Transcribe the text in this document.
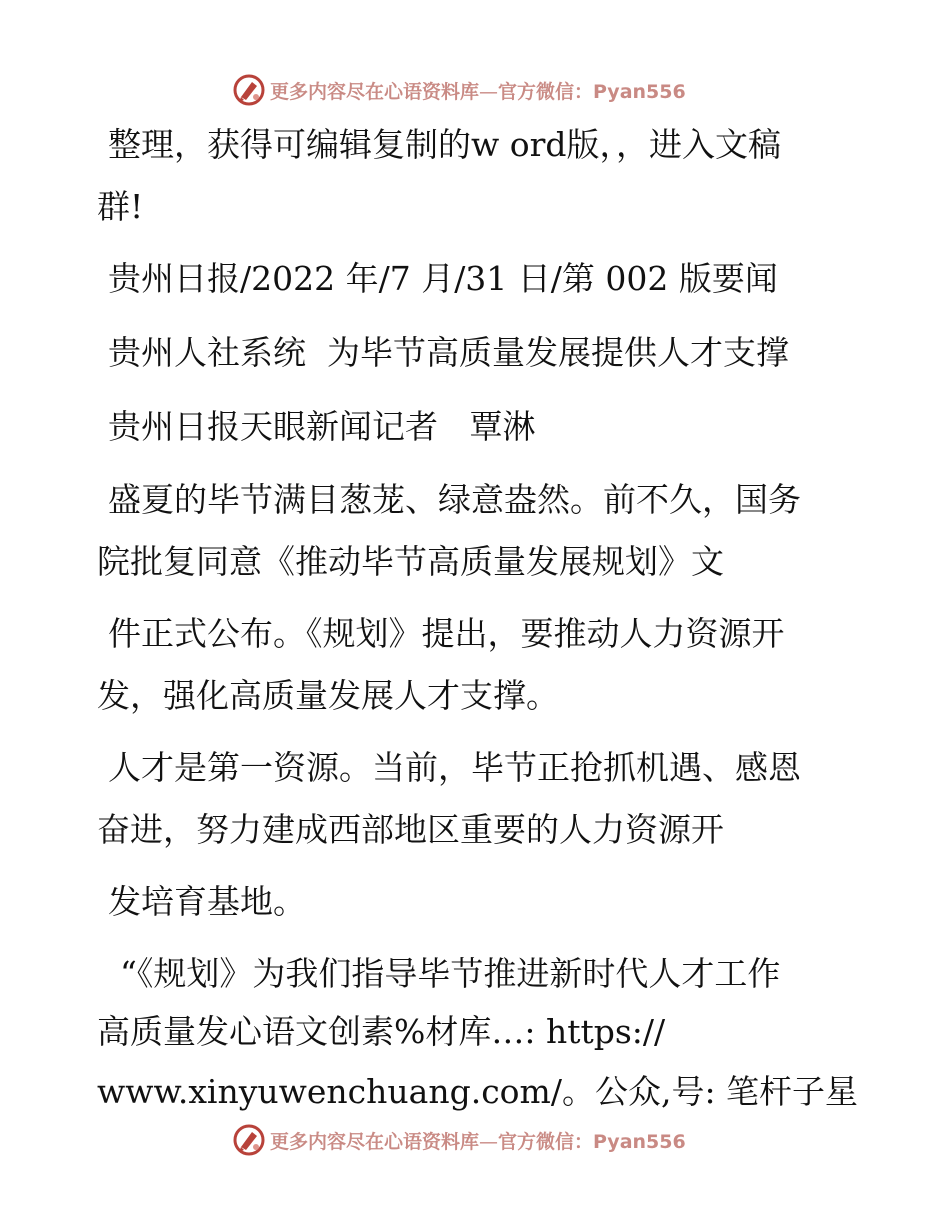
更多内容尽在心语资料库—官方微信：Pyan556
整理，获得可编辑复制的w ord版，，进入文稿
群!
贵州日报/2022 年/7 月/31 日/第 002 版要闻
贵州人社系统  为毕节高质量发展提供人才支撑
贵州日报天眼新闻记者   覃淋
盛夏的毕节满目葱茏、绿意盎然。前不久，国务
院批复同意《推动毕节高质量发展规划》文
件正式公布。《规划》提出，要推动人力资源开
发，强化高质量发展人才支撑。
人才是第一资源。当前，毕节正抢抓机遇、感恩
奋进，努力建成西部地区重要的人力资源开
发培育基地。
“《规划》为我们指导毕节推进新时代人才工作
高质量发心语文创素%材库…: https://
www.xinyuwenchuang.com/。公众,号: 笔杆子星
更多内容尽在心语资料库—官方微信：Pyan556
